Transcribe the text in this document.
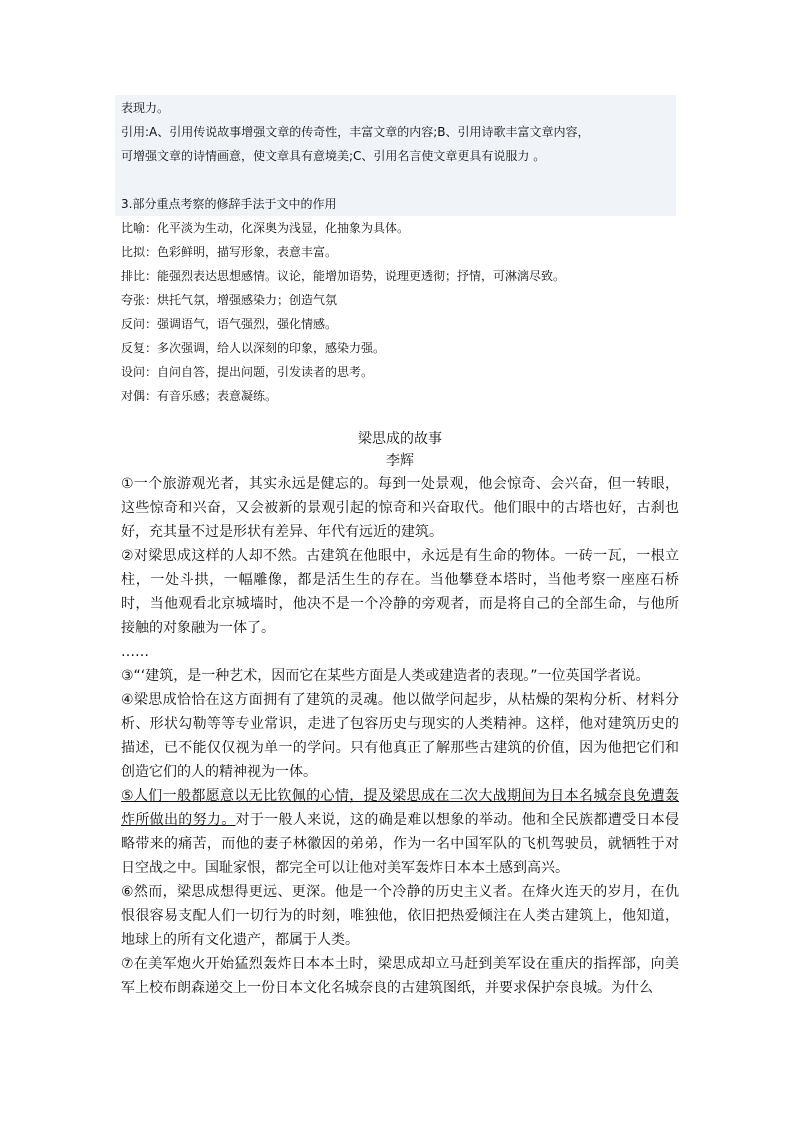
表现力。

引用:A、引用传说故事增强文章的传奇性，丰富文章的内容;B、引用诗歌丰富文章内容，

可增强文章的诗情画意，使文章具有意境美;C、引用名言使文章更具有说服力 。

3.部分重点考察的修辞手法于文中的作用

比喻：化平淡为生动，化深奥为浅显，化抽象为具体。

比拟：色彩鲜明，描写形象，表意丰富。

排比：能强烈表达思想感情。议论，能增加语势，说理更透彻；抒情，可淋漓尽致。

夸张：烘托气氛，增强感染力；创造气氛

反问：强调语气，语气强烈，强化情感。

反复：多次强调，给人以深刻的印象，感染力强。

设问：自问自答，提出问题，引发读者的思考。

对偶：有音乐感；表意凝练。

梁思成的故事
李辉

①一个旅游观光者，其实永远是健忘的。每到一处景观，他会惊奇、会兴奋，但一转眼，这些惊奇和兴奋，又会被新的景观引起的惊奇和兴奋取代。他们眼中的古塔也好，古刹也好，充其量不过是形状有差异、年代有远近的建筑。

②对梁思成这样的人却不然。古建筑在他眼中，永远是有生命的物体。一砖一瓦，一根立柱，一处斗拱，一幅雕像，都是活生生的存在。当他攀登本塔时，当他考察一座座石桥时，当他观看北京城墙时，他决不是一个冷静的旁观者，而是将自己的全部生命，与他所接触的对象融为一体了。

……

③“‘建筑，是一种艺术，因而它在某些方面是人类或建造者的表现。”一位英国学者说。

④梁思成恰恰在这方面拥有了建筑的灵魂。他以做学问起步，从枯燥的架构分析、材料分析、形状勾勒等等专业常识，走进了包容历史与现实的人类精神。这样，他对建筑历史的描述，已不能仅仅视为单一的学问。只有他真正了解那些古建筑的价值，因为他把它们和创造它们的人的精神视为一体。

⑤人们一般都愿意以无比钦佩的心情，提及梁思成在二次大战期间为日本名城奈良免遭轰炸所做出的努力。对于一般人来说，这的确是难以想象的举动。他和全民族都遭受日本侵略带来的痛苦，而他的妻子林徽因的弟弟，作为一名中国军队的飞机驾驶员，就牺牲于对日空战之中。国耻家恨，都完全可以让他对美军轰炸日本本土感到高兴。

⑥然而，梁思成想得更远、更深。他是一个冷静的历史主义者。在烽火连天的岁月，在仇恨很容易支配人们一切行为的时刻，唯独他，依旧把热爱倾注在人类古建筑上，他知道，地球上的所有文化遗产，都属于人类。

⑦在美军炮火开始猛烈轰炸日本本土时，梁思成却立马赶到美军设在重庆的指挥部，向美军上校布朗森递交上一份日本文化名城奈良的古建筑图纸，并要求保护奈良城。为什么
